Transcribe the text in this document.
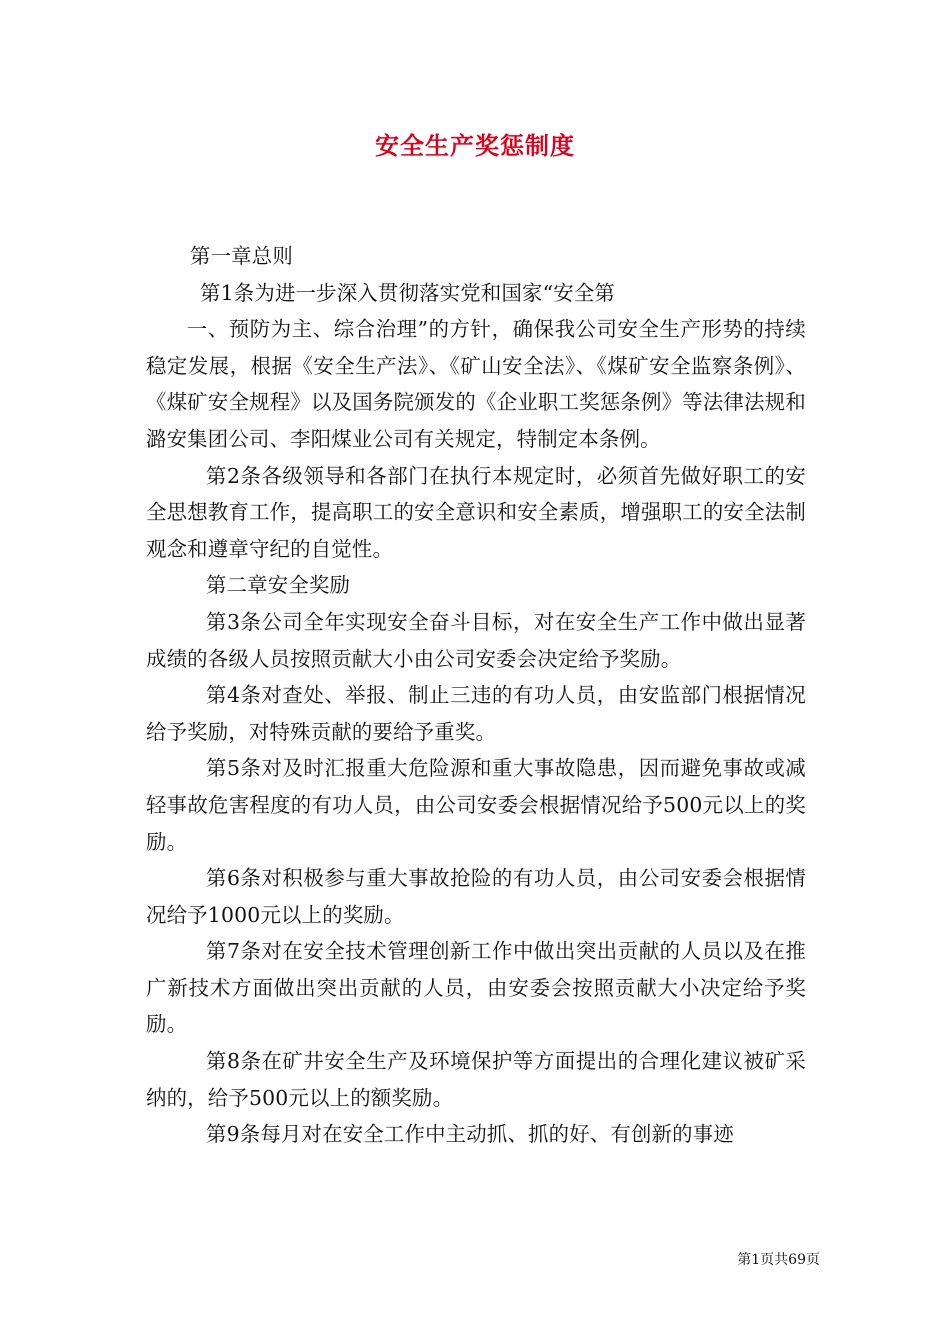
安全生产奖惩制度

第一章总则

第1条为进一步深入贯彻落实党和国家“安全第

一、预防为主、综合治理”的方针，确保我公司安全生产形势的持续稳定发展，根据《安全生产法》、《矿山安全法》、《煤矿安全监察条例》、《煤矿安全规程》以及国务院颁发的《企业职工奖惩条例》等法律法规和潞安集团公司、李阳煤业公司有关规定，特制定本条例。

第2条各级领导和各部门在执行本规定时，必须首先做好职工的安全思想教育工作，提高职工的安全意识和安全素质，增强职工的安全法制观念和遵章守纪的自觉性。

第二章安全奖励

第3条公司全年实现安全奋斗目标，对在安全生产工作中做出显著成绩的各级人员按照贡献大小由公司安委会决定给予奖励。

第4条对查处、举报、制止三违的有功人员，由安监部门根据情况给予奖励，对特殊贡献的要给予重奖。

第5条对及时汇报重大危险源和重大事故隐患，因而避免事故或减轻事故危害程度的有功人员，由公司安委会根据情况给予500元以上的奖励。

第6条对积极参与重大事故抢险的有功人员，由公司安委会根据情况给予1000元以上的奖励。

第7条对在安全技术管理创新工作中做出突出贡献的人员以及在推广新技术方面做出突出贡献的人员，由安委会按照贡献大小决定给予奖励。

第8条在矿井安全生产及环境保护等方面提出的合理化建议被矿采纳的，给予500元以上的额奖励。

第9条每月对在安全工作中主动抓、抓的好、有创新的事迹

第1页共69页
